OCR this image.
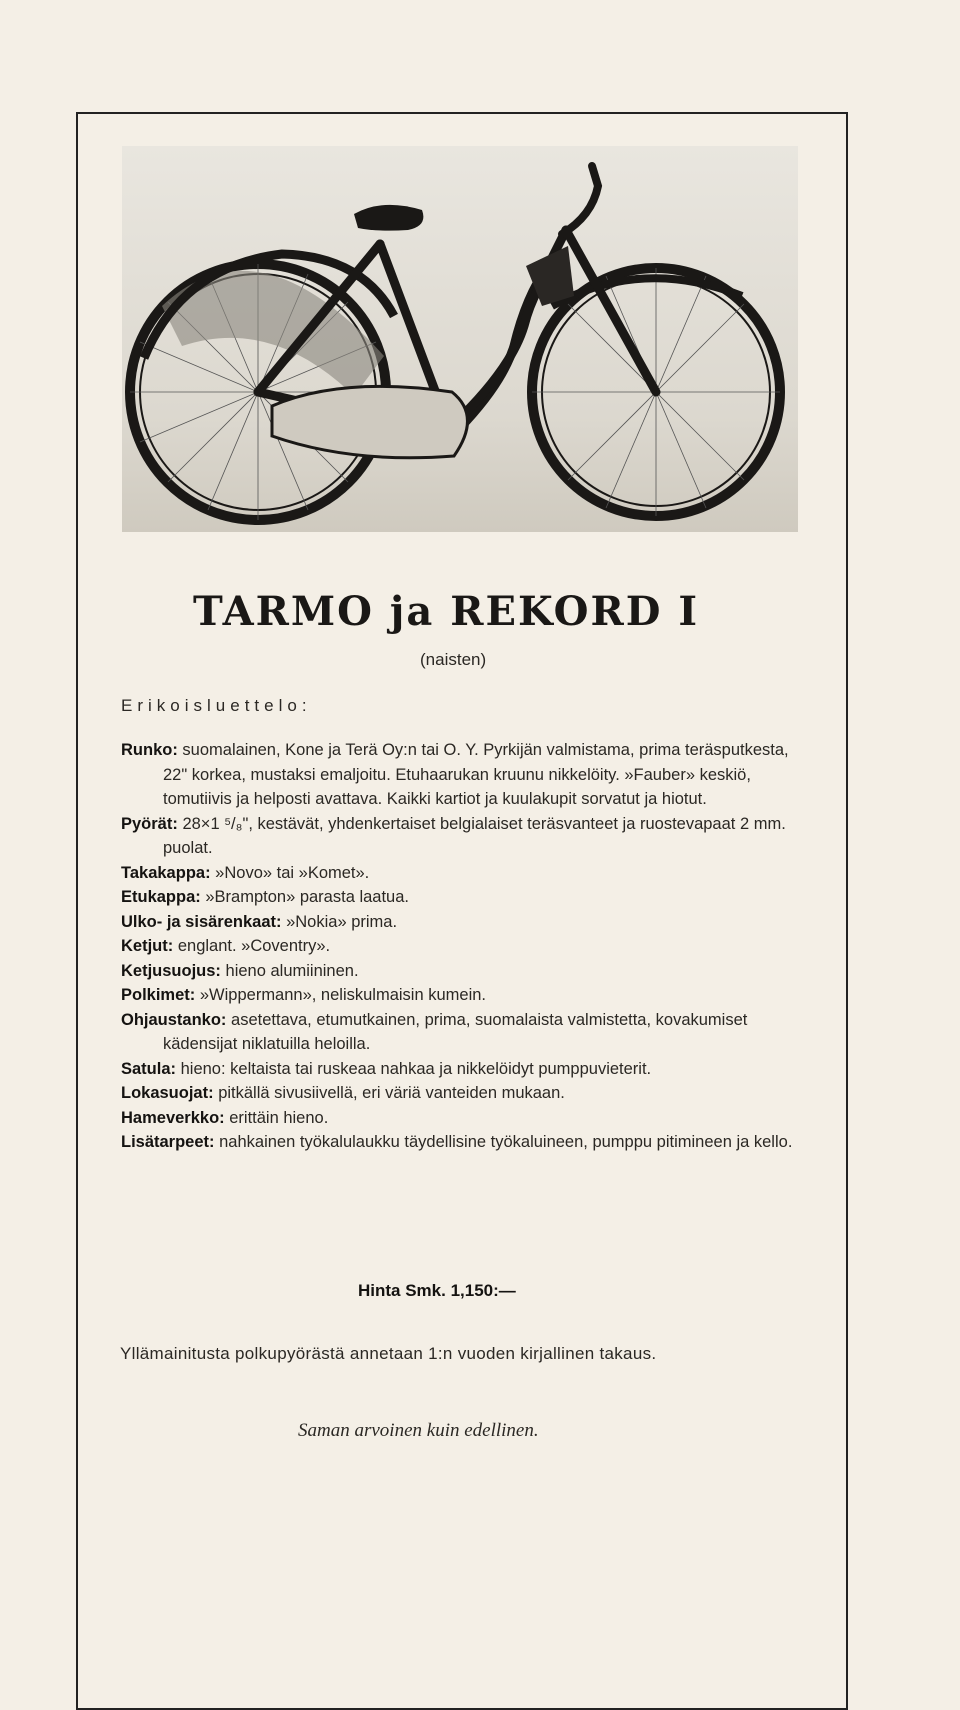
TARMO ja REKORD I
(naisten)
Erikoisluettelo:

Runko: suomalainen, Kone ja Terä Oy:n tai O. Y. Pyrkijän valmistama, prima teräsputkesta, 22" korkea, mustaksi emaljoitu. Etuhaarukan kruunu nikkelöity. »Fauber» keskiö, tomutiivis ja helposti avattava. Kaikki kartiot ja kuulakupit sorvatut ja hiotut.

Pyörät: 28×1 ⁵/₈", kestävät, yhdenkertaiset belgialaiset teräsvanteet ja ruostevapaat 2 mm. puolat.

Takakappa: »Novo» tai »Komet».

Etukappa: »Brampton» parasta laatua.

Ulko- ja sisärenkaat: »Nokia» prima.

Ketjut: englant. »Coventry».

Ketjusuojus: hieno alumiininen.

Polkimet: »Wippermann», neliskulmaisin kumein.

Ohjaustanko: asetettava, etumutkainen, prima, suomalaista valmistetta, kovakumiset kädensijat niklatuilla heloilla.

Satula: hieno: keltaista tai ruskeaa nahkaa ja nikkelöidyt pumppuvieterit.

Lokasuojat: pitkällä sivusiivellä, eri väriä vanteiden mukaan.

Hameverkko: erittäin hieno.

Lisätarpeet: nahkainen työkalulaukku täydellisine työkaluineen, pumppu pitimineen ja kello.

Hinta Smk. 1,150:—
Yllämainitusta polkupyörästä annetaan 1:n vuoden kirjallinen takaus.
Saman arvoinen kuin edellinen.
